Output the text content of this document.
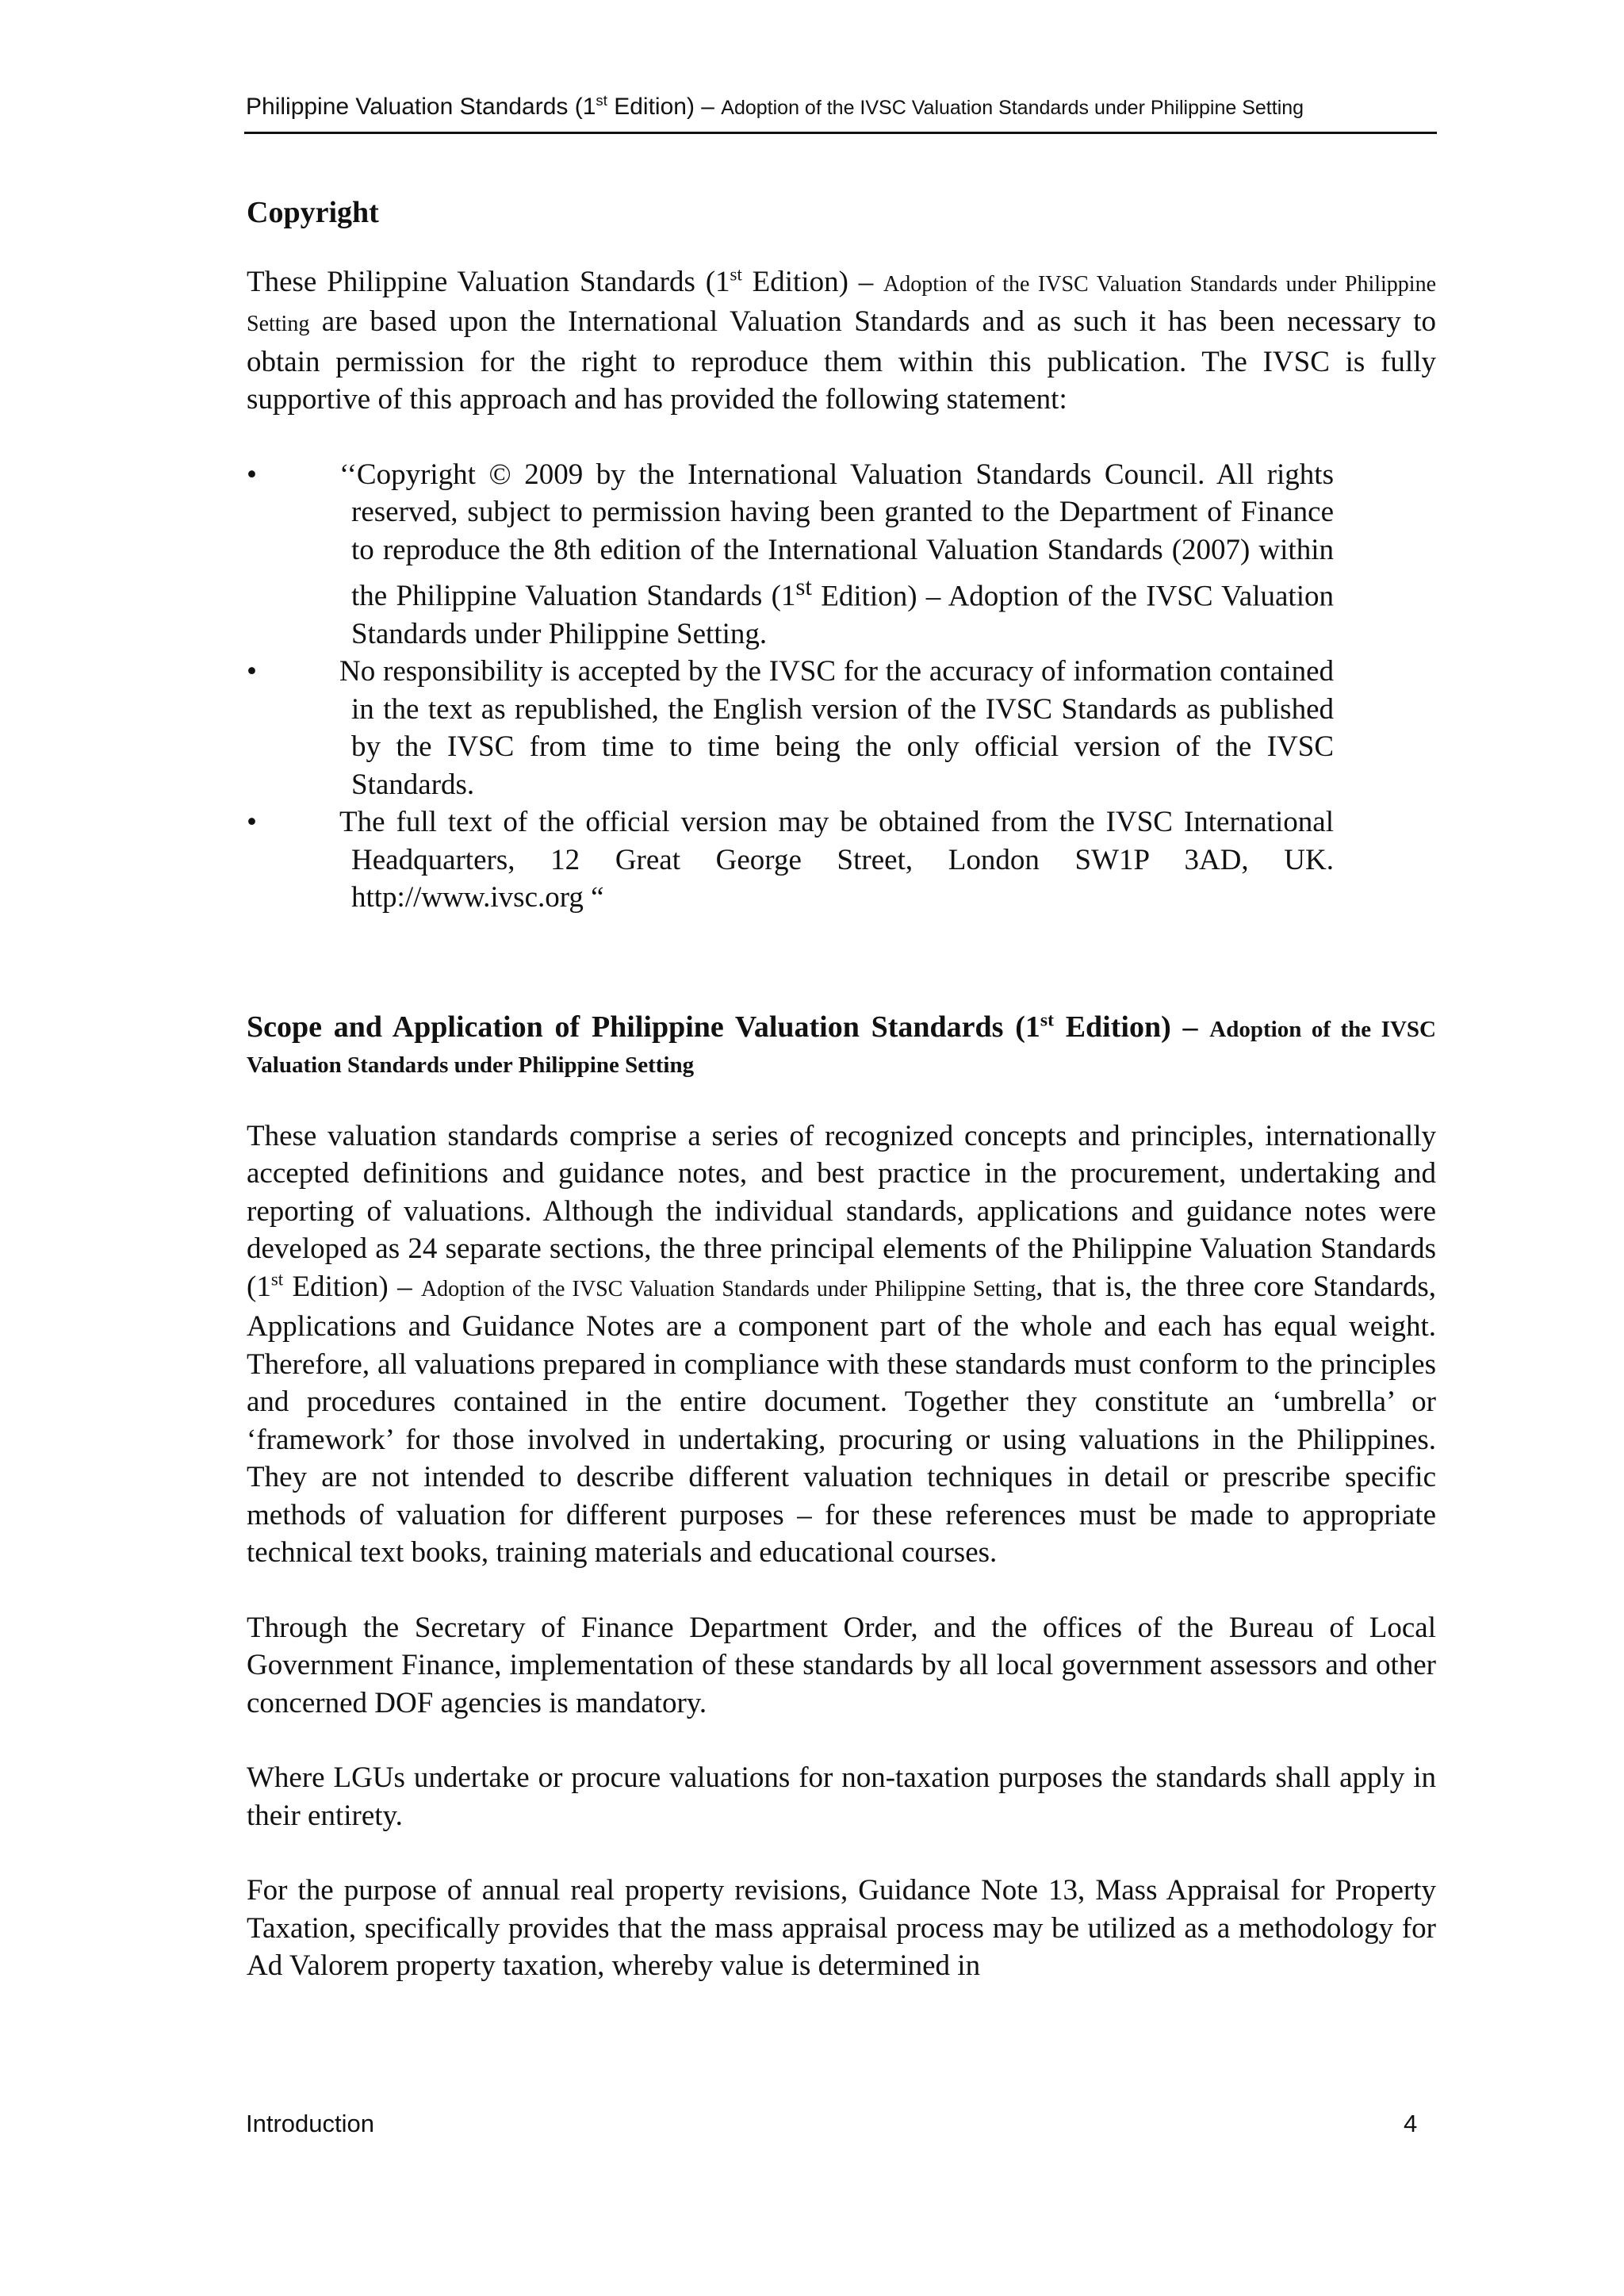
Philippine Valuation Standards (1st Edition) – Adoption of the IVSC Valuation Standards under Philippine Setting
Copyright

These Philippine Valuation Standards (1st Edition) – Adoption of the IVSC Valuation Standards under Philippine Setting are based upon the International Valuation Standards and as such it has been necessary to obtain permission for the right to reproduce them within this publication. The IVSC is fully supportive of this approach and has provided the following statement:

•	‘‘Copyright © 2009 by the International Valuation Standards Council. All rights reserved, subject to permission having been granted to the Department of Finance to reproduce the 8th edition of the International Valuation Standards (2007) within the Philippine Valuation Standards (1st Edition) – Adoption of the IVSC Valuation Standards under Philippine Setting.
•	No responsibility is accepted by the IVSC for the accuracy of information contained in the text as republished, the English version of the IVSC Standards as published by the IVSC from time to time being the only official version of the IVSC Standards.
•	The full text of the official version may be obtained from the IVSC International Headquarters, 12 Great George Street, London SW1P 3AD, UK. http://www.ivsc.org “
Scope and Application of Philippine Valuation Standards (1st Edition) – Adoption of the IVSC Valuation Standards under Philippine Setting

These valuation standards comprise a series of recognized concepts and principles, internationally accepted definitions and guidance notes, and best practice in the procurement, undertaking and reporting of valuations. Although the individual standards, applications and guidance notes were developed as 24 separate sections, the three principal elements of the Philippine Valuation Standards (1st Edition) – Adoption of the IVSC Valuation Standards under Philippine Setting, that is, the three core Standards, Applications and Guidance Notes are a component part of the whole and each has equal weight. Therefore, all valuations prepared in compliance with these standards must conform to the principles and procedures contained in the entire document. Together they constitute an ‘umbrella’ or ‘framework’ for those involved in undertaking, procuring or using valuations in the Philippines. They are not intended to describe different valuation techniques in detail or prescribe specific methods of valuation for different purposes – for these references must be made to appropriate technical text books, training materials and educational courses.

Through the Secretary of Finance Department Order, and the offices of the Bureau of Local Government Finance, implementation of these standards by all local government assessors and other concerned DOF agencies is mandatory.

Where LGUs undertake or procure valuations for non-taxation purposes the standards shall apply in their entirety.

For the purpose of annual real property revisions, Guidance Note 13, Mass Appraisal for Property Taxation, specifically provides that the mass appraisal process may be utilized as a methodology for Ad Valorem property taxation, whereby value is determined in

Introduction	4
